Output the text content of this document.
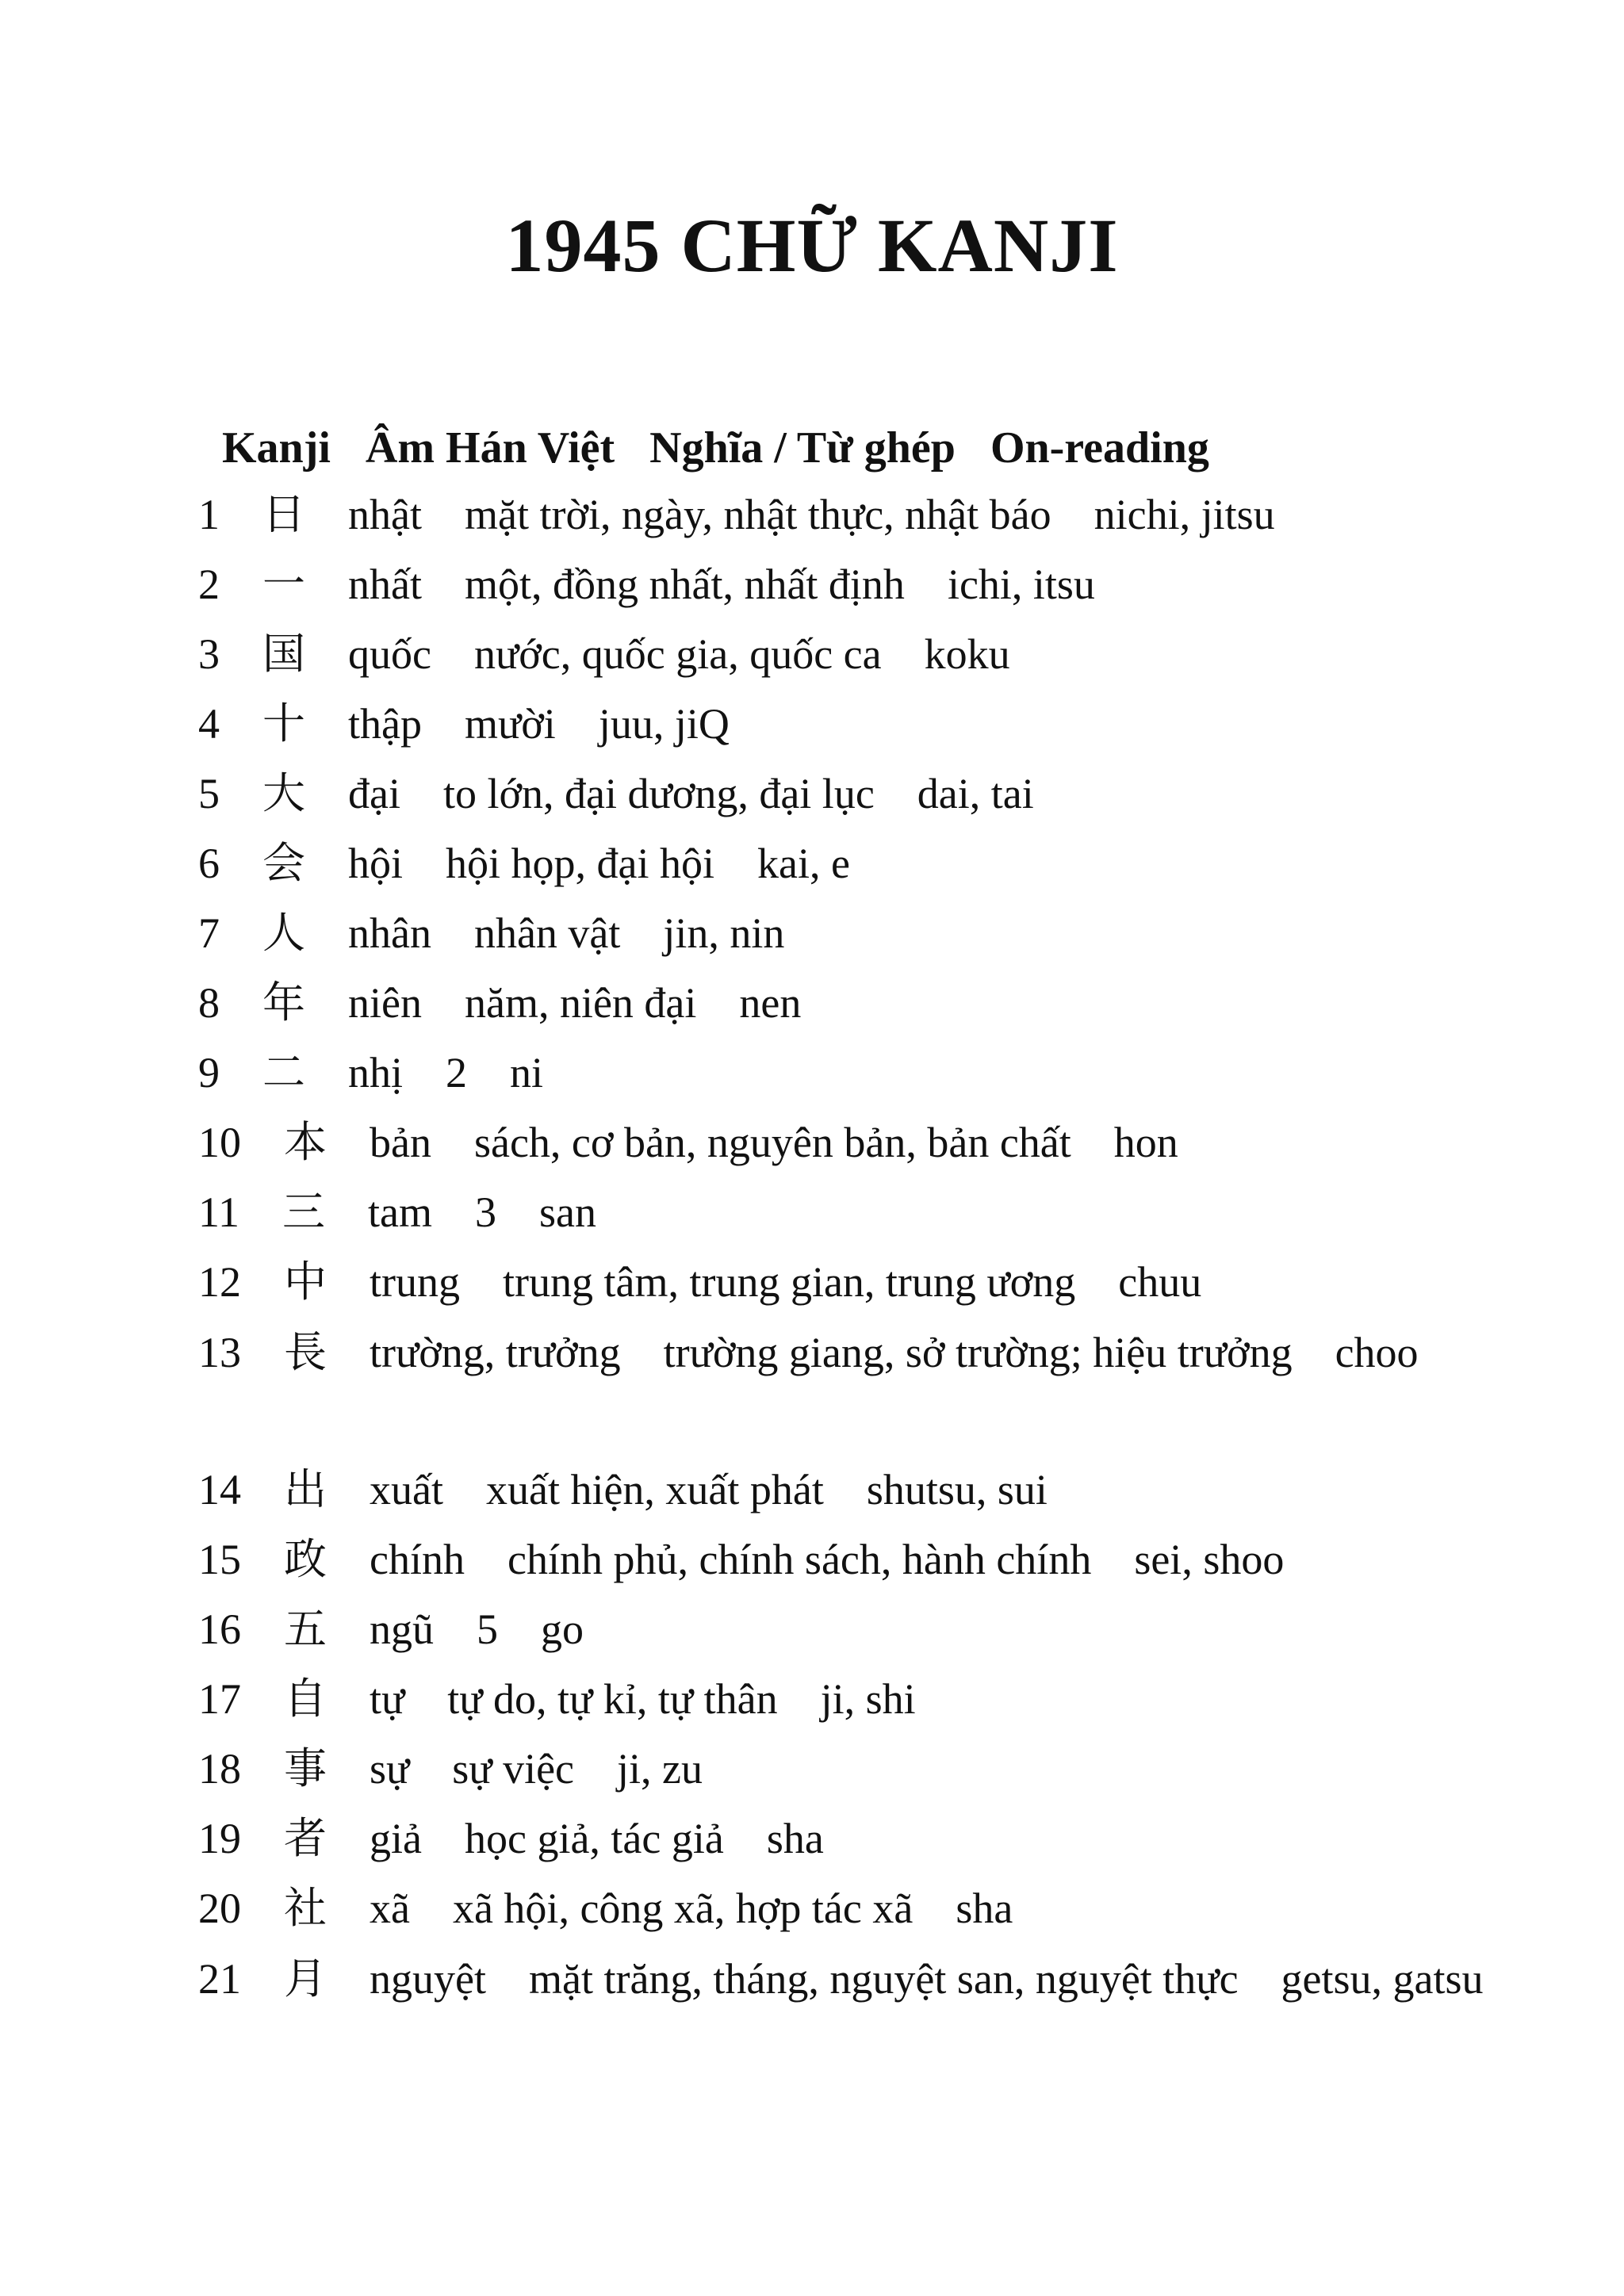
1945 CHỮ KANJI
Kanji Âm Hán Việt Nghĩa / Từ ghép On-reading
1 日 nhật mặt trời, ngày, nhật thực, nhật báo nichi, jitsu
2 一 nhất một, đồng nhất, nhất định ichi, itsu
3 国 quốc nước, quốc gia, quốc ca koku
4 十 thập mười juu, jiQ
5 大 đại to lớn, đại dương, đại lục dai, tai
6 会 hội hội họp, đại hội kai, e
7 人 nhân nhân vật jin, nin
8 年 niên năm, niên đại nen
9 二 nhị 2 ni
10 本 bản sách, cơ bản, nguyên bản, bản chất hon
11 三 tam 3 san
12 中 trung trung tâm, trung gian, trung ương chuu
13 長 trường, trưởng trường giang, sở trường; hiệu trưởng choo
14 出 xuất xuất hiện, xuất phát shutsu, sui
15 政 chính chính phủ, chính sách, hành chính sei, shoo
16 五 ngũ 5 go
17 自 tự tự do, tự kỉ, tự thân ji, shi
18 事 sự sự việc ji, zu
19 者 giả học giả, tác giả sha
20 社 xã xã hội, công xã, hợp tác xã sha
21 月 nguyệt mặt trăng, tháng, nguyệt san, nguyệt thực getsu, gatsu
